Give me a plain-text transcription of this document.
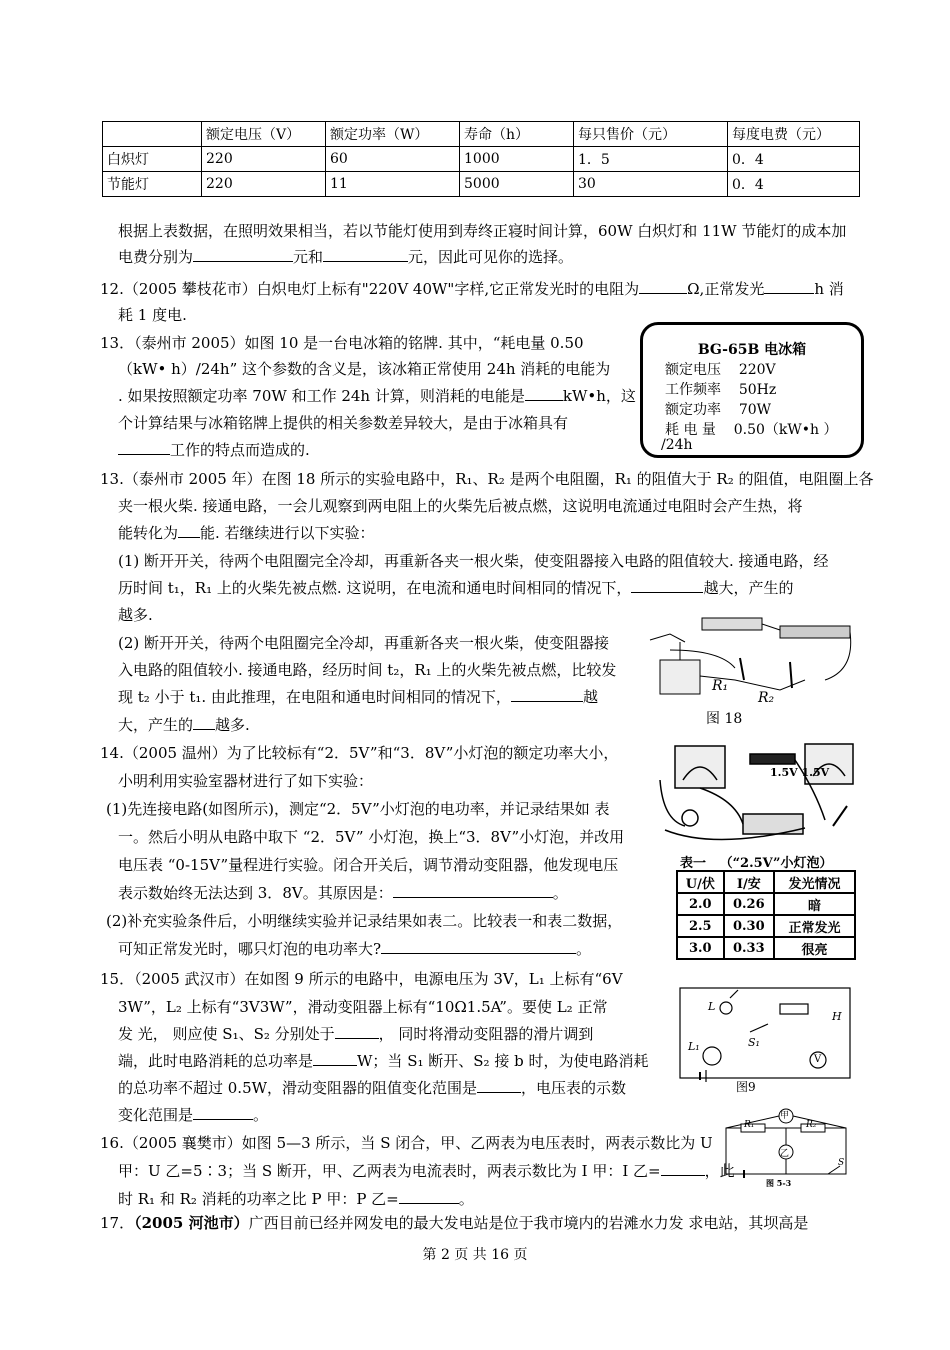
	额定电压（V）	额定功率（W）	寿命（h）	每只售价（元）	每度电费（元）
白炽灯	220	60	1000	1．5	0．4
节能灯	220	11	5000	30	0．4
根据上表数据，在照明效果相当，若以节能灯使用到寿终正寝时间计算，60W 白炽灯和 11W 节能灯的成本加
电费分别为	元和	元，因此可见你的选择。
12.（2005 攀枝花市）白炽电灯上标有"220V 40W"字样,它正常发光时的电阻为	Ω,正常发光	h 消
耗 1 度电.
13．（泰州市 2005）如图 10 是一台电冰箱的铭牌. 其中，“耗电量 0.50
（kW• h）/24h” 这个参数的含义是，该冰箱正常使用 24h 消耗的电能为
. 如果按照额定功率 70W 和工作 24h 计算，则消耗的电能是	kW•h，这
个计算结果与冰箱铭牌上提供的相关参数差异较大，是由于冰箱具有
工作的特点而造成的.
BG-65B 电冰箱
额定电压 220V
工作频率 50Hz
额定功率 70W
耗 电 量 0.50（kW•h ）
/24h
13.（泰州市 2005 年）在图 18 所示的实验电路中，R₁、R₂ 是两个电阻圈，R₁ 的阻值大于 R₂ 的阻值，电阻圈上各
夹一根火柴. 接通电路，一会儿观察到两电阻上的火柴先后被点燃，这说明电流通过电阻时会产生热，将
能转化为 能. 若继续进行以下实验：
(1) 断开开关，待两个电阻圈完全冷却，再重新各夹一根火柴，使变阻器接入电路的阻值较大. 接通电路，经
历时间 t₁，R₁ 上的火柴先被点燃. 这说明，在电流和通电时间相同的情况下，	越大，产生的
越多.
(2) 断开开关，待两个电阻圈完全冷却，再重新各夹一根火柴，使变阻器接
入电路的阻值较小. 接通电路，经历时间 t₂，R₁ 上的火柴先被点燃，比较发
现 t₂ 小于 t₁. 由此推理，在电阻和通电时间相同的情况下，	越
大，产生的 越多.
R₁
R₂
图 18
14.（2005 温州）为了比较标有“2．5V”和“3．8V”小灯泡的额定功率大小，
小明利用实验室器材进行了如下实验：
(1)先连接电路(如图所示)，测定“2．5V”小灯泡的电功率，并记录结果如 表
一。然后小明从电路中取下 “2．5V” 小灯泡，换上“3．8V”小灯泡，并改用
电压表 “0-15V”量程进行实验。闭合开关后，调节滑动变阻器，他发现电压
表示数始终无法达到 3．8V。其原因是：	。
(2)补充实验条件后，小明继续实验并记录结果如表二。比较表一和表二数据，
可知正常发光时，哪只灯泡的电功率大?	。
1.5V 1.5V
表一   （“2.5V”小灯泡）
U/伏	I/安	发光情况
2.0	0.26	暗
2.5	0.30	正常发光
3.0	0.33	很亮
15．（2005 武汉市）在如图 9 所示的电路中，电源电压为 3V，L₁ 上标有“6V
3W”，L₂ 上标有“3V3W”，滑动变阻器上标有“10Ω1.5A”。要使 L₂ 正常
发 光， 则应使 S₁、S₂ 分别处于	， 同时将滑动变阻器的滑片调到
端，此时电路消耗的总功率是	W；当 S₁ 断开、S₂ 接 b 时，为使电路消耗
的总功率不超过 0.5W，滑动变阻器的阻值变化范围是	，电压表的示数
变化范围是	。
图9
L
L₁	S₁
H
V
16.（2005 襄樊市）如图 5—3 所示，当 S 闭合，甲、乙两表为电压表时，两表示数比为 U
甲：U 乙=5∶3；当 S 断开，甲、乙两表为电流表时，两表示数比为 I 甲：I 乙=	，此
时 R₁ 和 R₂ 消耗的功率之比 P 甲：P 乙=	。
甲
R₁	R₂
乙
S
图 5-3
17．（2005 河池市）广西目前已经并网发电的最大发电站是位于我市境内的岩滩水力发 求电站，其坝高是
第 2 页 共 16 页
